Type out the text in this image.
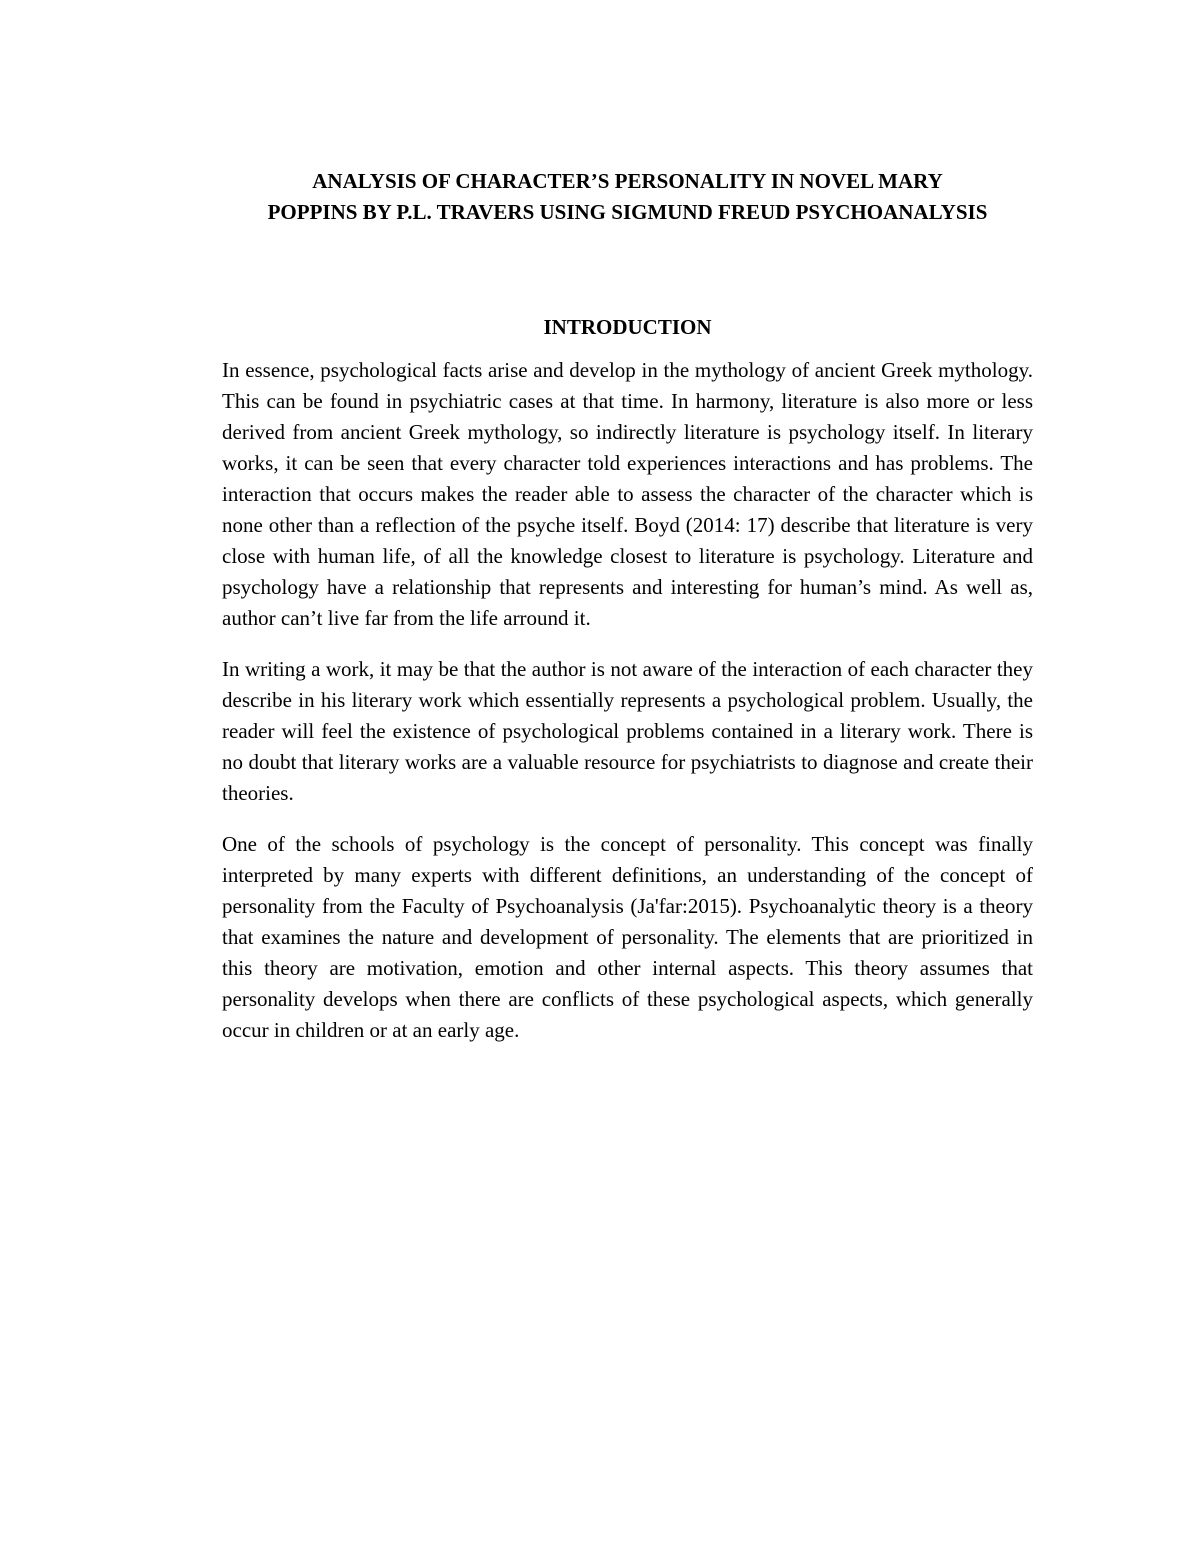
ANALYSIS OF CHARACTER’S PERSONALITY IN NOVEL MARY
POPPINS BY P.L. TRAVERS USING SIGMUND FREUD PSYCHOANALYSIS
INTRODUCTION

In essence, psychological facts arise and develop in the mythology of ancient Greek mythology. This can be found in psychiatric cases at that time. In harmony, literature is also more or less derived from ancient Greek mythology, so indirectly literature is psychology itself. In literary works, it can be seen that every character told experiences interactions and has problems. The interaction that occurs makes the reader able to assess the character of the character which is none other than a reflection of the psyche itself. Boyd (2014: 17) describe that literature is very close with human life, of all the knowledge closest to literature is psychology. Literature and psychology have a relationship that represents and interesting for human’s mind. As well as, author can’t live far from the life arround it.

In writing a work, it may be that the author is not aware of the interaction of each character they describe in his literary work which essentially represents a psychological problem. Usually, the reader will feel the existence of psychological problems contained in a literary work. There is no doubt that literary works are a valuable resource for psychiatrists to diagnose and create their theories.

One of the schools of psychology is the concept of personality. This concept was finally interpreted by many experts with different definitions, an understanding of the concept of personality from the Faculty of Psychoanalysis (Ja'far:2015). Psychoanalytic theory is a theory that examines the nature and development of personality. The elements that are prioritized in this theory are motivation, emotion and other internal aspects. This theory assumes that personality develops when there are conflicts of these psychological aspects, which generally occur in children or at an early age.
